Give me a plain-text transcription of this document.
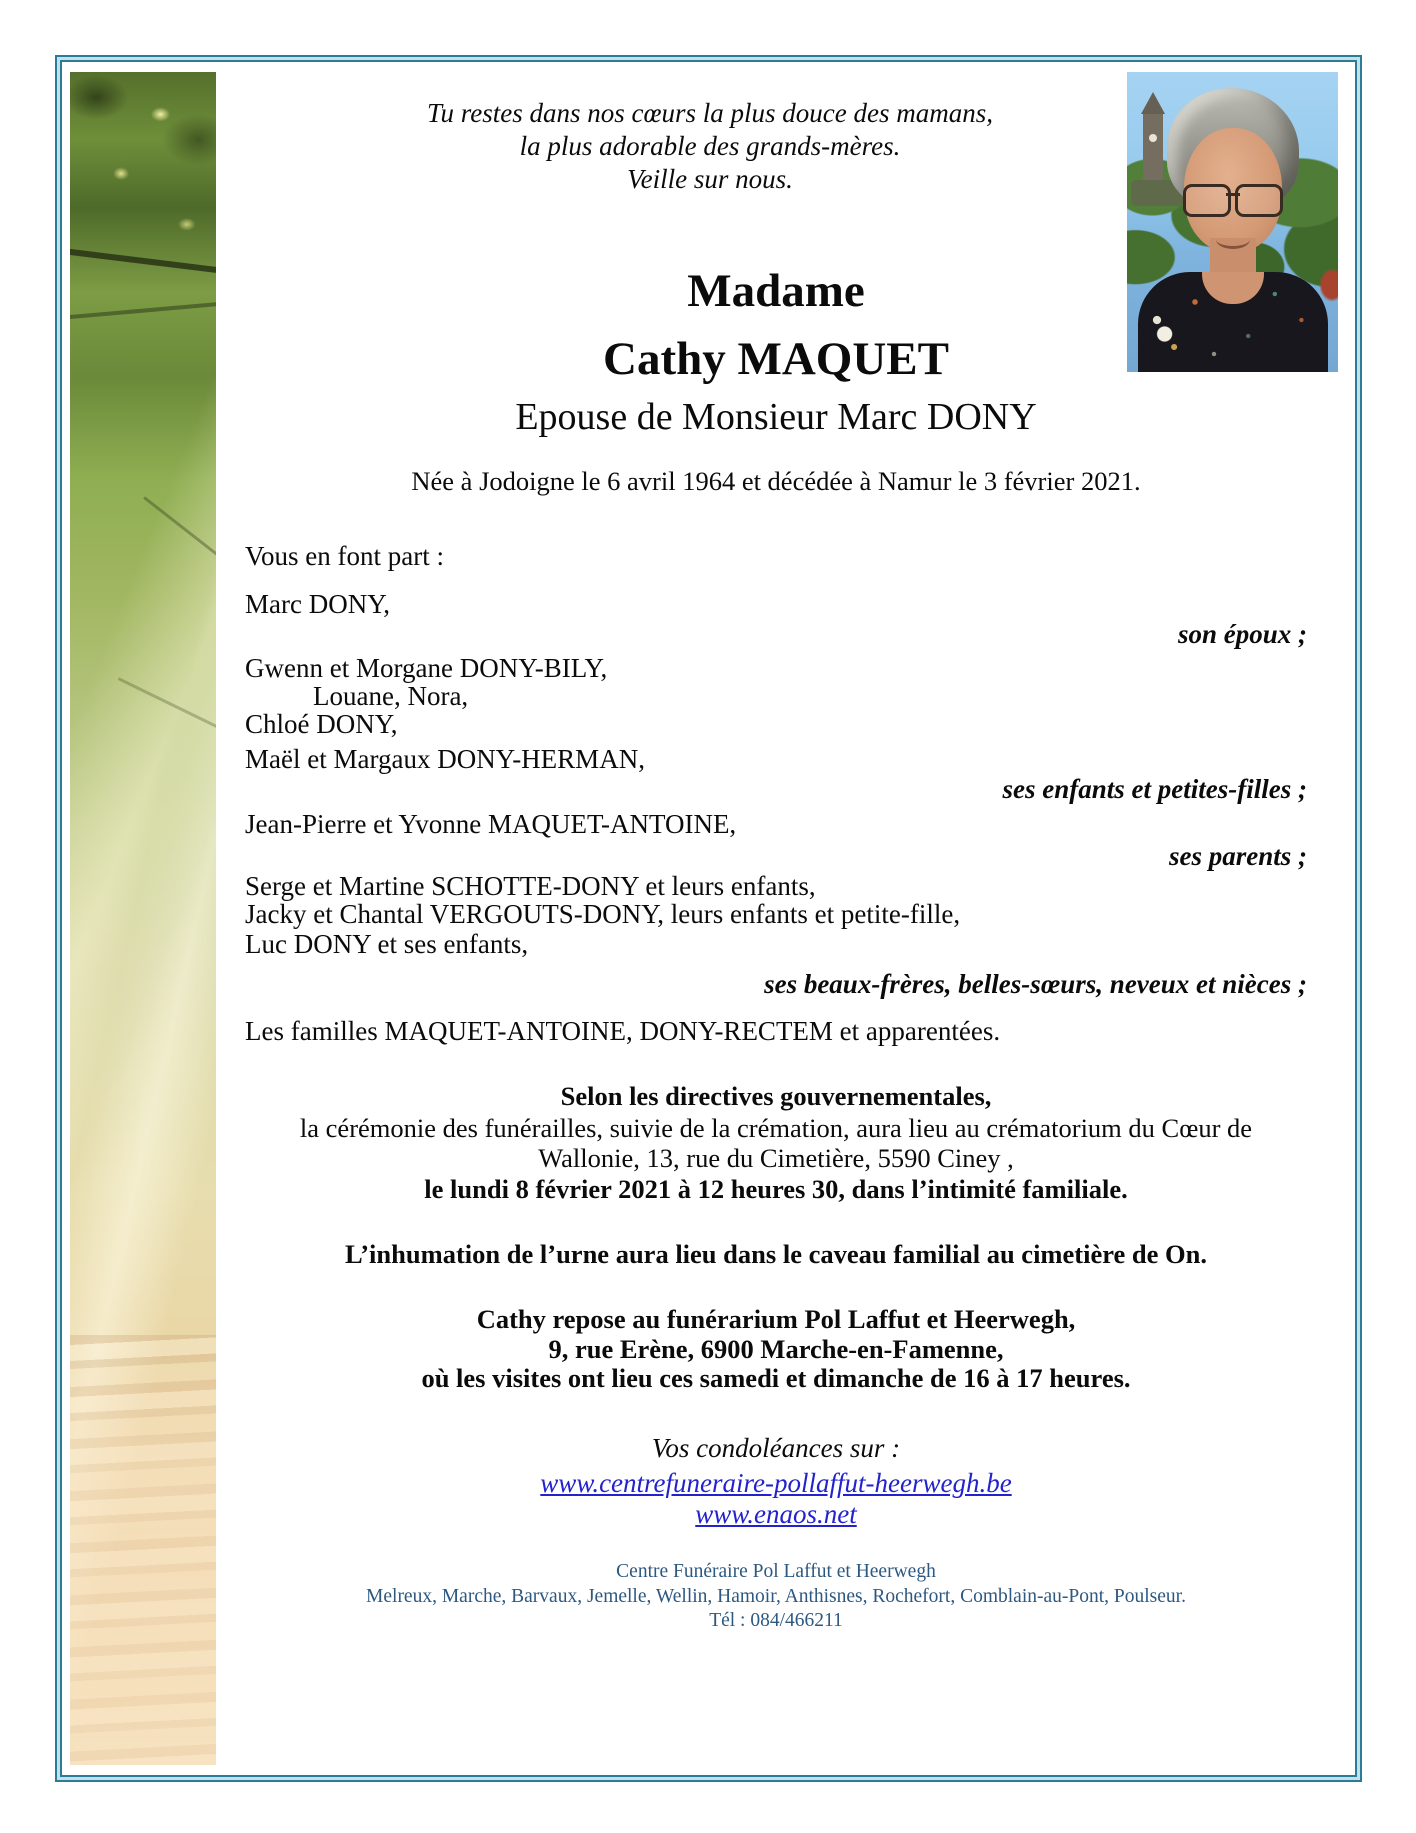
Tu restes dans nos cœurs la plus douce des mamans,
la plus adorable des grands-mères.
Veille sur nous.
Madame
Cathy MAQUET
Epouse de Monsieur Marc DONY
Née à Jodoigne le 6 avril 1964 et décédée à Namur le 3 février 2021.
Vous en font part :
Marc DONY,
son époux ;
Gwenn et Morgane DONY-BILY,
Louane, Nora,
Chloé DONY,
Maël et Margaux DONY-HERMAN,
ses enfants et petites-filles ;
Jean-Pierre et Yvonne MAQUET-ANTOINE,
ses parents ;
Serge et Martine SCHOTTE-DONY et leurs enfants,
Jacky et Chantal VERGOUTS-DONY, leurs enfants et petite-fille,
Luc DONY et ses enfants,
ses beaux-frères, belles-sœurs, neveux et nièces ;
Les familles MAQUET-ANTOINE, DONY-RECTEM et apparentées.
Selon les directives gouvernementales,
la cérémonie des funérailles, suivie de la crémation, aura lieu au crématorium du Cœur de
Wallonie, 13, rue du Cimetière, 5590 Ciney ,
le lundi 8 février 2021 à 12 heures 30, dans l’intimité familiale.
L’inhumation de l’urne aura lieu dans le caveau familial au cimetière de On.
Cathy repose au funérarium Pol Laffut et Heerwegh,
9, rue Erène, 6900 Marche-en-Famenne,
où les visites ont lieu ces samedi et dimanche de 16 à 17 heures.
Vos condoléances sur :
www.centrefuneraire-pollaffut-heerwegh.be
www.enaos.net
Centre Funéraire Pol Laffut et Heerwegh
Melreux, Marche, Barvaux, Jemelle, Wellin, Hamoir, Anthisnes, Rochefort, Comblain-au-Pont, Poulseur.
Tél : 084/466211
